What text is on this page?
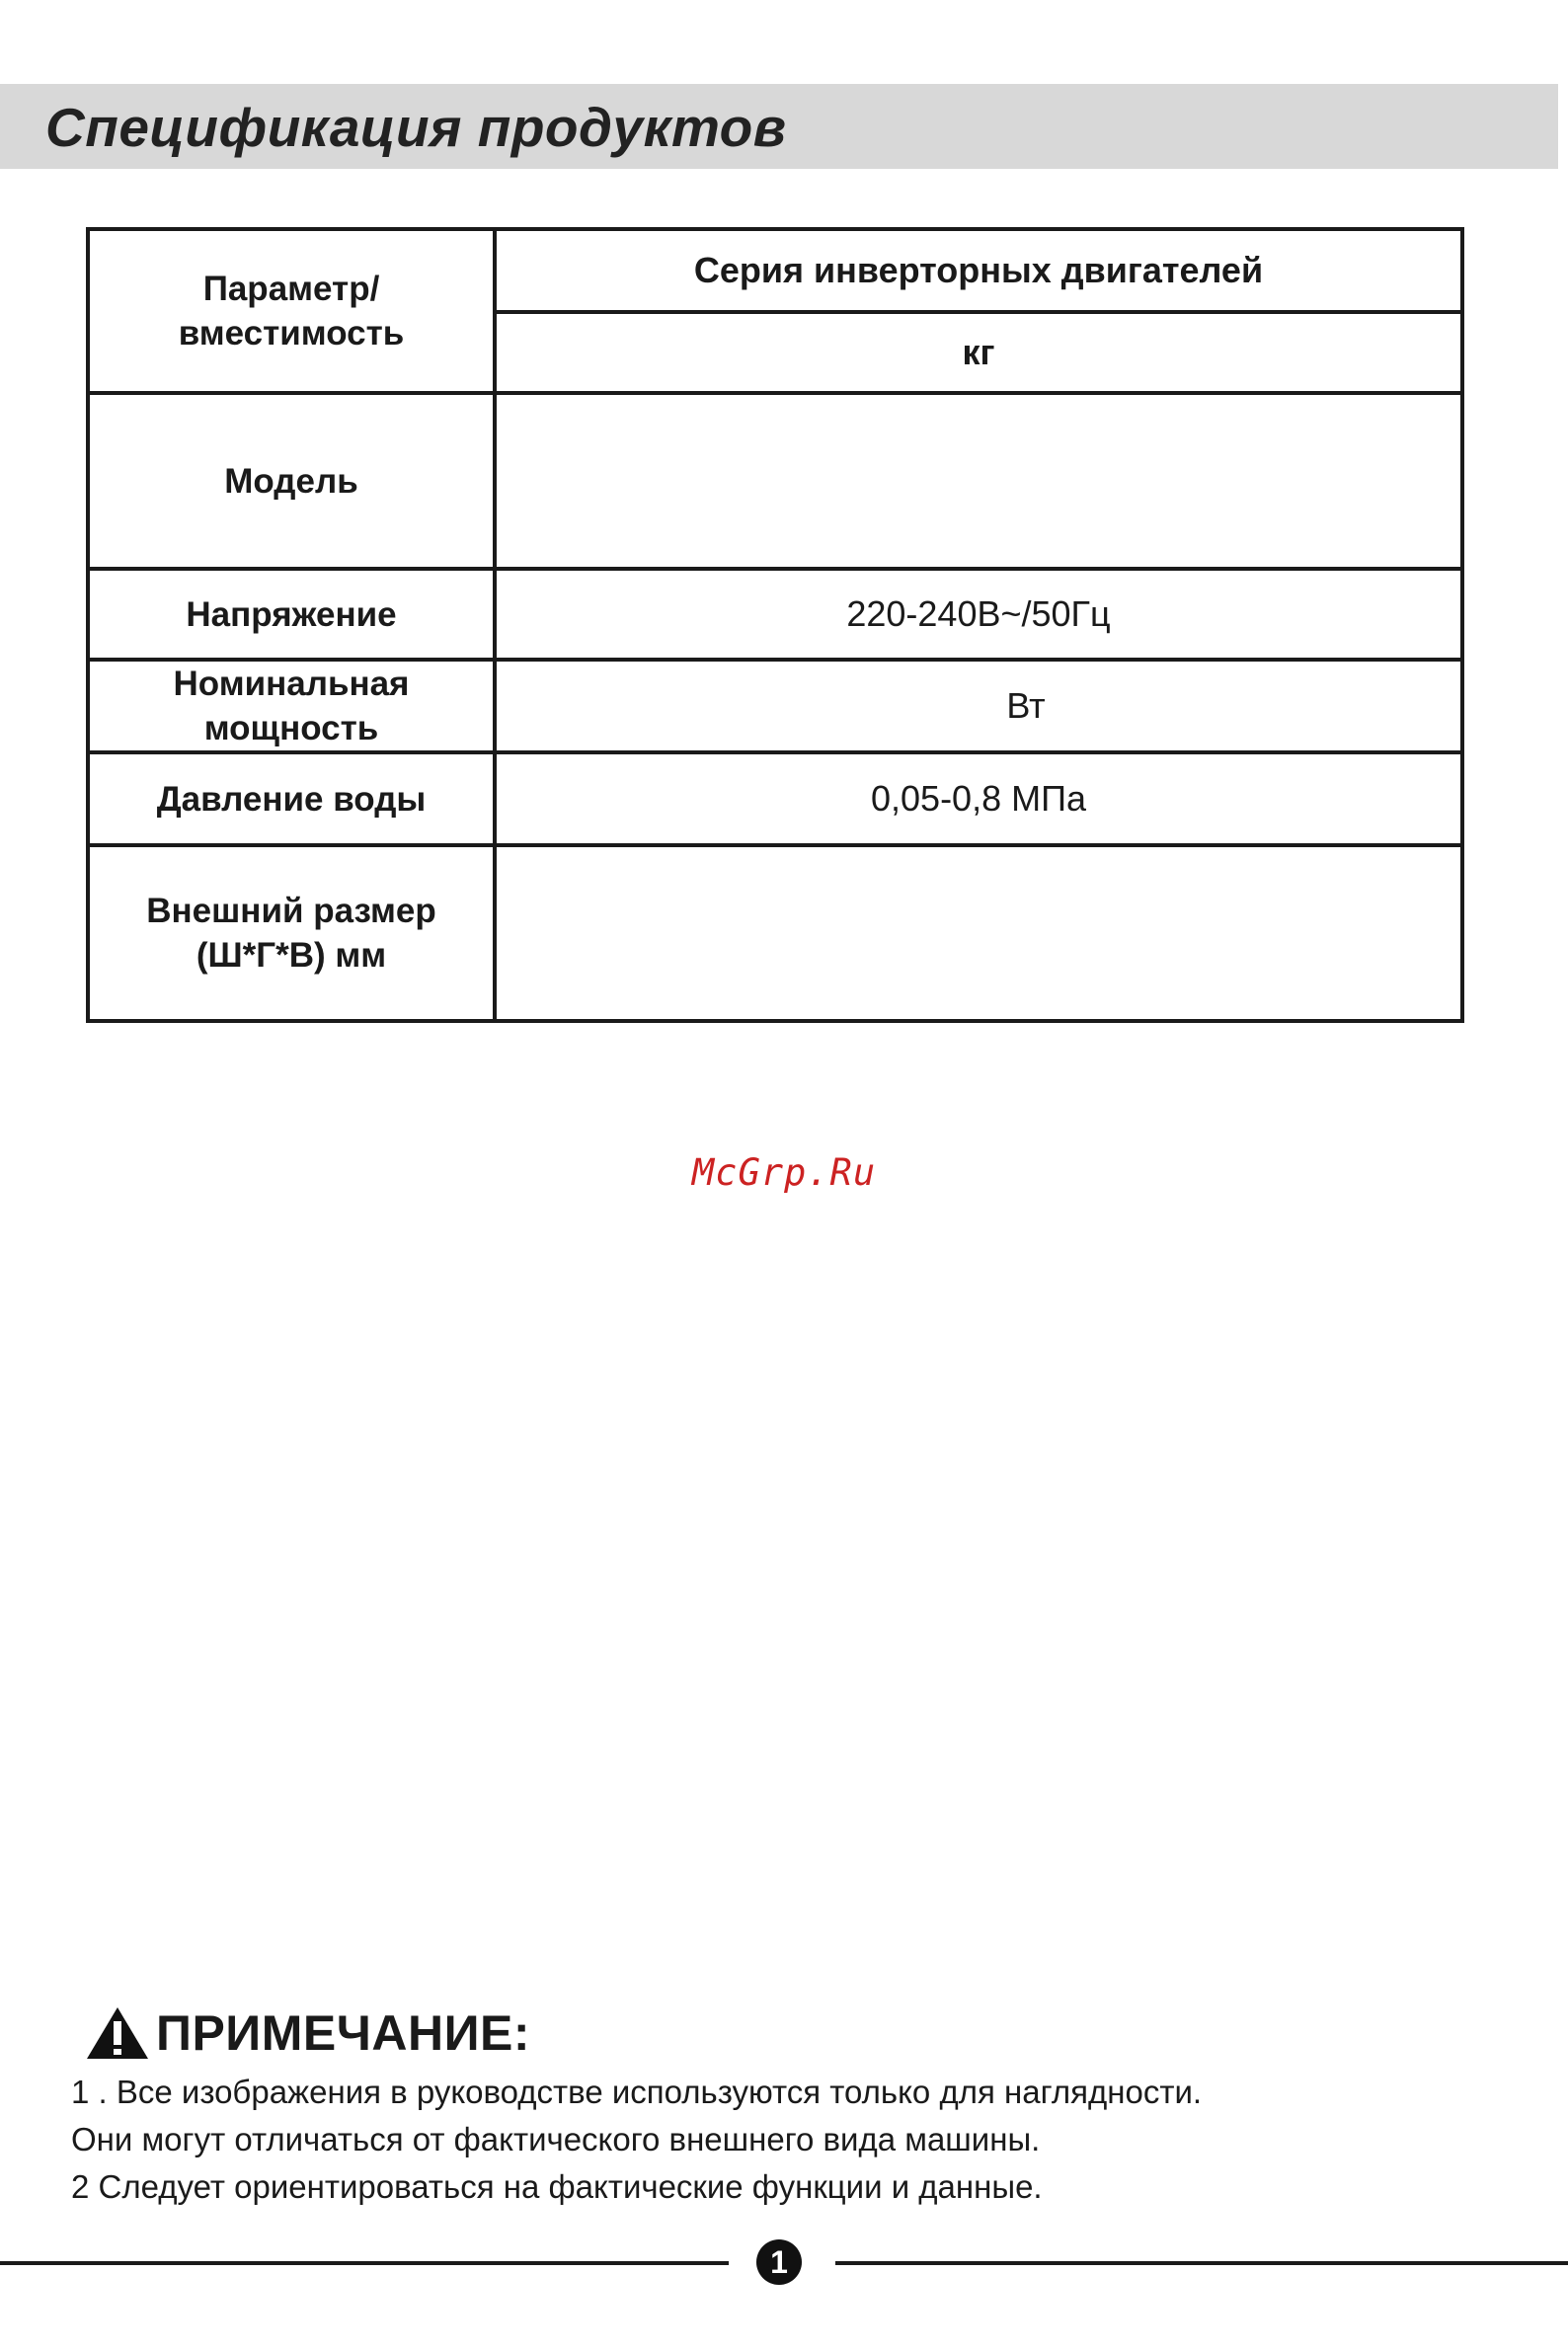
Спецификация продуктов
Параметр/ вместимость	Серия инверторных двигателей
	кг
Модель	
Напряжение	220-240В~/50Гц
Номинальная мощность	Вт
Давление воды	0,05-0,8 МПа
Внешний размер (Ш*Г*В) мм	
McGrp.Ru
ПРИМЕЧАНИЕ:
1 . Все изображения в руководстве используются только для наглядности.
Они могут отличаться от фактического внешнего вида машины.
2 Следует ориентироваться на фактические функции и данные.
1
